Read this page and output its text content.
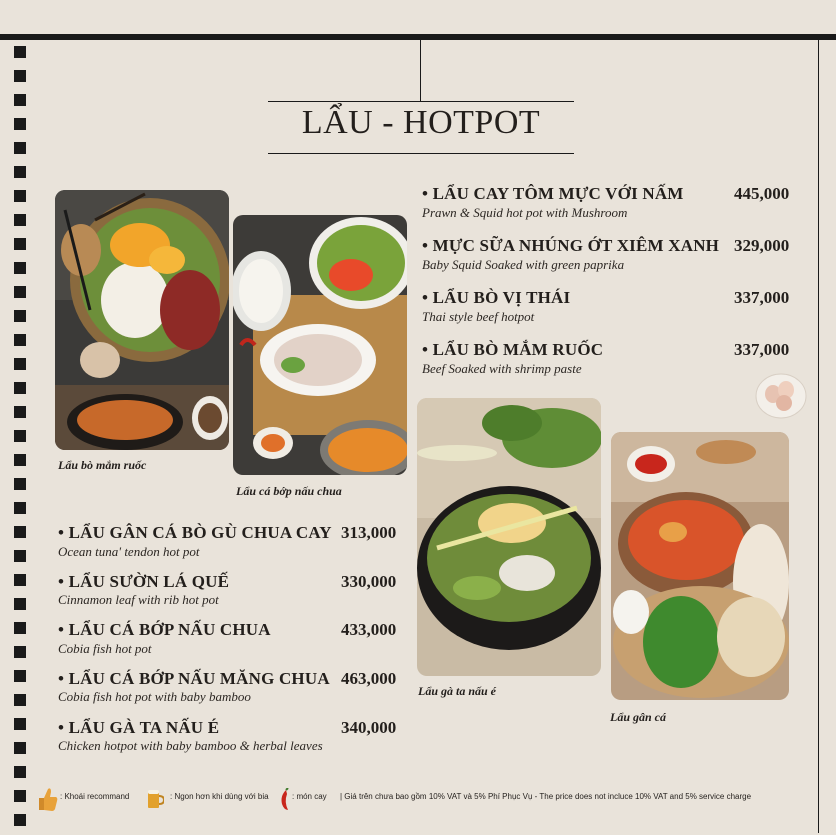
LẨU - HOTPOT
• LẨU CAY TÔM MỰC VỚI NẤM	445,000
Prawn & Squid hot pot with Mushroom
• MỰC SỮA NHÚNG ỚT XIÊM XANH 329,000
Baby Squid Soaked with green paprika
• LẨU BÒ VỊ THÁI	337,000
Thai style beef hotpot
• LẨU BÒ MẮM RUỐC	337,000
Beef Soaked with shrimp paste
• LẨU GÂN CÁ BÒ GÙ CHUA CAY 313,000
Ocean tuna' tendon hot pot
• LẨU SƯỜN LÁ QUẾ	330,000
Cinnamon leaf with rib hot pot
• LẨU CÁ BỚP NẤU CHUA	433,000
Cobia fish hot pot
• LẨU CÁ BỚP NẤU MĂNG CHUA 463,000
Cobia fish hot pot with baby bamboo
• LẨU GÀ TA NẤU É	340,000
Chicken hotpot with baby bamboo & herbal leaves
Lẩu bò mắm ruốc
Lẩu cá bớp nấu chua
Lẩu gà ta nấu é
Lẩu gân cá
: Khoái recommand	: Ngon hơn khi dùng với bia	: món cay | Giá trên chưa bao gồm 10% VAT và 5% Phí Phục Vụ - The price does not incluce 10% VAT and 5% service charge
